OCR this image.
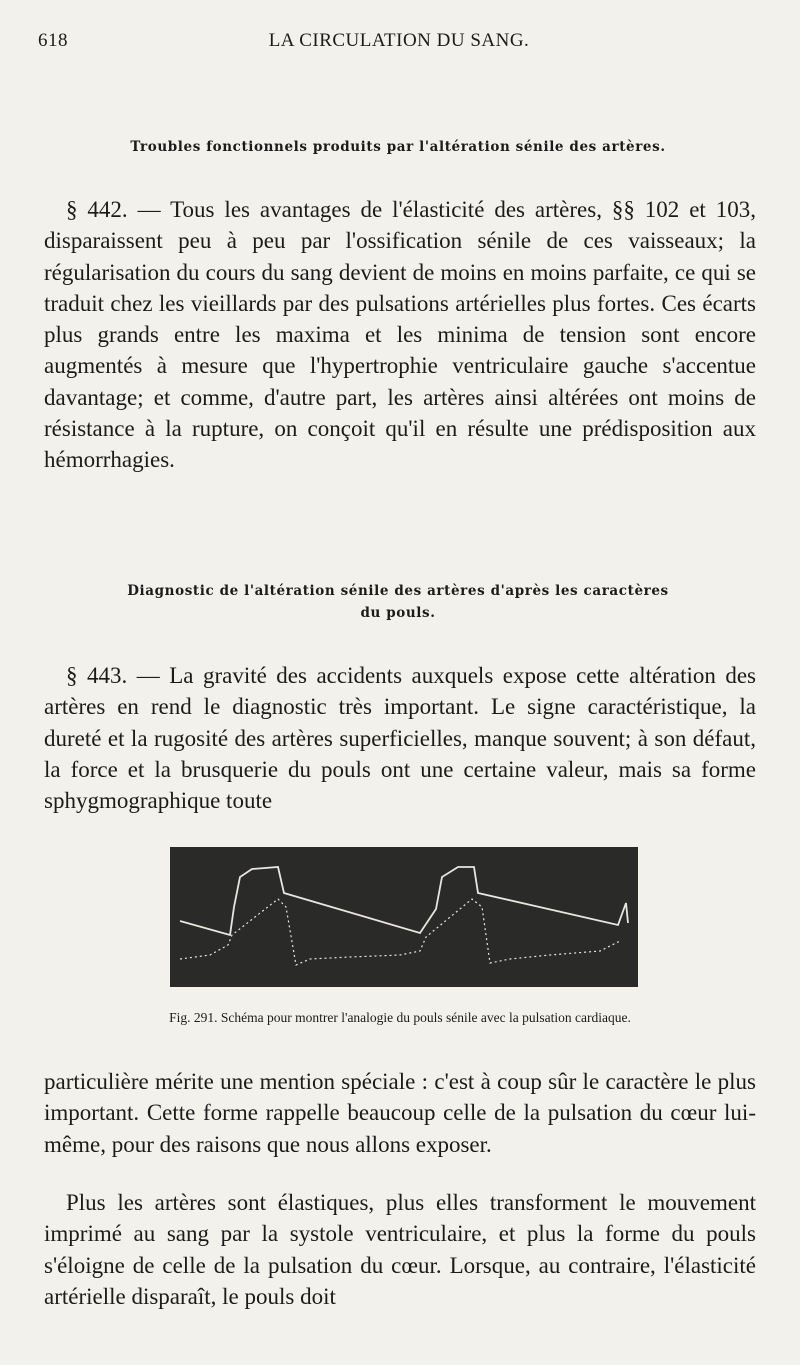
618	LA CIRCULATION DU SANG.
Troubles fonctionnels produits par l'altération sénile des artères.

§ 442. — Tous les avantages de l'élasticité des artères, §§ 102 et 103, disparaissent peu à peu par l'ossification sénile de ces vaisseaux; la régularisation du cours du sang devient de moins en moins parfaite, ce qui se traduit chez les vieillards par des pulsations artérielles plus fortes. Ces écarts plus grands entre les maxima et les minima de tension sont encore augmentés à mesure que l'hypertrophie ventriculaire gauche s'accentue davantage; et comme, d'autre part, les artères ainsi altérées ont moins de résistance à la rupture, on conçoit qu'il en résulte une prédisposition aux hémorrhagies.

Diagnostic de l'altération sénile des artères d'après les caractères
du pouls.

§ 443. — La gravité des accidents auxquels expose cette altération des artères en rend le diagnostic très important. Le signe caractéristique, la dureté et la rugosité des artères superficielles, manque souvent; à son défaut, la force et la brusquerie du pouls ont une certaine valeur, mais sa forme sphygmographique toute

Fig. 291. Schéma pour montrer l'analogie du pouls sénile avec la pulsation cardiaque.

particulière mérite une mention spéciale : c'est à coup sûr le caractère le plus important. Cette forme rappelle beaucoup celle de la pulsation du cœur lui-même, pour des raisons que nous allons exposer.

Plus les artères sont élastiques, plus elles transforment le mouvement imprimé au sang par la systole ventriculaire, et plus la forme du pouls s'éloigne de celle de la pulsation du cœur. Lorsque, au contraire, l'élasticité artérielle disparaît, le pouls doit
